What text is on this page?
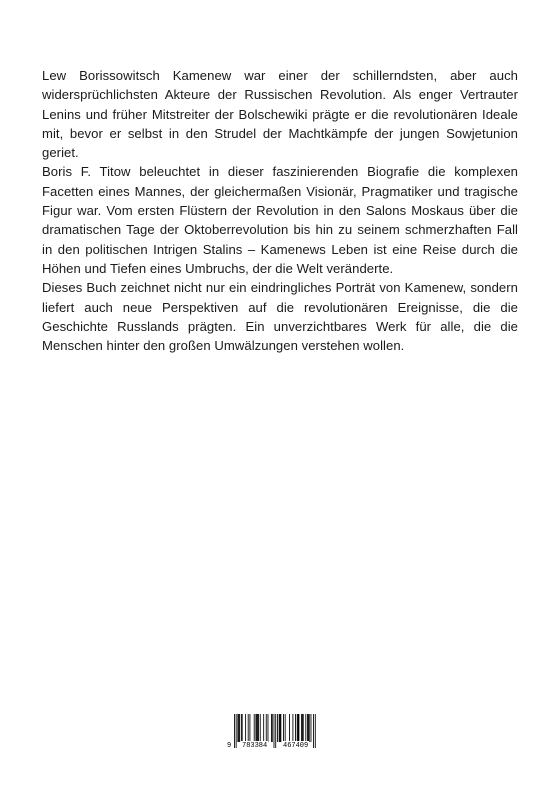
Lew Borissowitsch Kamenew war einer der schillerndsten, aber auch widersprüchlichsten Akteure der Russischen Revolution. Als enger Vertrauter Lenins und früher Mitstreiter der Bolschewiki prägte er die revolutionären Ideale mit, bevor er selbst in den Strudel der Machtkämpfe der jungen Sowjetunion geriet.

Boris F. Titow beleuchtet in dieser faszinierenden Biografie die komplexen Facetten eines Mannes, der gleichermaßen Visionär, Pragmatiker und tragische Figur war. Vom ersten Flüstern der Revolution in den Salons Moskaus über die dramatischen Tage der Oktoberrevolution bis hin zu seinem schmerzhaften Fall in den politischen Intrigen Stalins – Kamenews Leben ist eine Reise durch die Höhen und Tiefen eines Umbruchs, der die Welt veränderte.

Dieses Buch zeichnet nicht nur ein eindringliches Porträt von Kamenew, sondern liefert auch neue Perspektiven auf die revolutionären Ereignisse, die die Geschichte Russlands prägten. Ein unverzichtbares Werk für alle, die die Menschen hinter den großen Umwälzungen verstehen wollen.

9 783384 467409
